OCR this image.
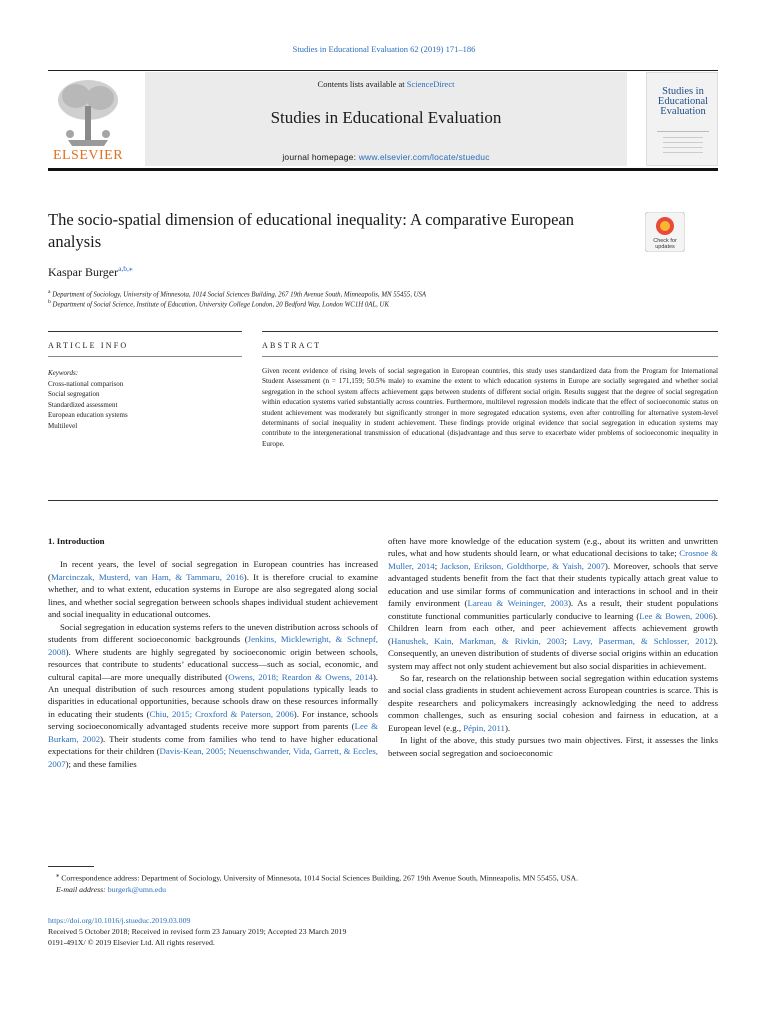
Studies in Educational Evaluation 62 (2019) 171–186
ELSEVIER
Contents lists available at ScienceDirect
Studies in Educational Evaluation
journal homepage: www.elsevier.com/locate/stueduc
Studies in
Educational
Evaluation
The socio-spatial dimension of educational inequality: A comparative European analysis	Check for
updates
Kaspar Burger$^{a,b,⁎}$
$^a$ Department of Sociology, University of Minnesota, 1014 Social Sciences Building, 267 19th Avenue South, Minneapolis, MN 55455, USA
$^b$ Department of Social Science, Institute of Education, University College London, 20 Bedford Way, London WC1H 0AL, UK
ARTICLE INFO	ABSTRACT
Keywords:
Cross-national comparison
Social segregation
Standardized assessment
European education systems
Multilevel
Given recent evidence of rising levels of social segregation in European countries, this study uses standardized data from the Program for International Student Assessment (n = 171,159; 50.5% male) to examine the extent to which education systems in Europe are socially segregated and whether social segregation in the school system affects achievement gaps between students of different social origin. Results suggest that the degree of social segregation within education systems varied substantially across countries. Furthermore, multilevel regression models indicate that the effect of socioeconomic status on student achievement was moderately but significantly stronger in more segregated education systems, even after controlling for alternative system-level determinants of social inequality in student achievement. These findings provide original evidence that social segregation in education systems may contribute to the intergenerational transmission of educational (dis)advantage and thus serve to exacerbate wider problems of socioeconomic inequality in Europe.

1. Introduction

In recent years, the level of social segregation in European countries has increased (Marcinczak, Musterd, van Ham, & Tammaru, 2016). It is therefore crucial to examine whether, and to what extent, education systems in Europe are also segregated along social lines, and whether social segregation between schools shapes individual student achievement and social inequality in educational outcomes.

Social segregation in education systems refers to the uneven distribution across schools of students from different socioeconomic backgrounds (Jenkins, Micklewright, & Schnepf, 2008). Where students are highly segregated by socioeconomic origin between schools, resources that contribute to students’ educational success—such as social, economic, and cultural capital—are more unequally distributed (Owens, 2018; Reardon & Owens, 2014). An unequal distribution of such resources among student populations typically leads to disparities in educational opportunities, because schools draw on these resources informally in educating their students (Chiu, 2015; Croxford & Paterson, 2006). For instance, schools serving socioeconomically advantaged students receive more support from parents (Lee & Burkam, 2002). Their students come from families who tend to have higher educational expectations for their children (Davis-Kean, 2005; Neuenschwander, Vida, Garrett, & Eccles, 2007); and these families

often have more knowledge of the education system (e.g., about its written and unwritten rules, what and how students should learn, or what educational decisions to take; Crosnoe & Muller, 2014; Jackson, Erikson, Goldthorpe, & Yaish, 2007). Moreover, schools that serve advantaged students benefit from the fact that their students typically attach great value to education and use similar forms of communication and interactions in school and in their family environment (Lareau & Weininger, 2003). As a result, their student populations constitute functional communities particularly conducive to learning (Lee & Bowen, 2006). Children learn from each other, and peer achievement affects achievement growth (Hanushek, Kain, Markman, & Rivkin, 2003; Lavy, Paserman, & Schlosser, 2012). Consequently, an uneven distribution of students of diverse social origins within an education system may affect not only student achievement but also social disparities in achievement.

So far, research on the relationship between social segregation within education systems and social class gradients in student achievement across European countries is scarce. This is despite researchers and policymakers increasingly acknowledging the need to address common challenges, such as ensuring social cohesion and fairness in education, at a European level (e.g., Pépin, 2011).

In light of the above, this study pursues two main objectives. First, it assesses the links between social segregation and socioeconomic

⁎ Correspondence address: Department of Sociology, University of Minnesota, 1014 Social Sciences Building, 267 19th Avenue South, Minneapolis, MN 55455, USA.
E-mail address: burgerk@umn.edu
https://doi.org/10.1016/j.stueduc.2019.03.009
Received 5 October 2018; Received in revised form 23 January 2019; Accepted 23 March 2019
0191-491X/ © 2019 Elsevier Ltd. All rights reserved.
